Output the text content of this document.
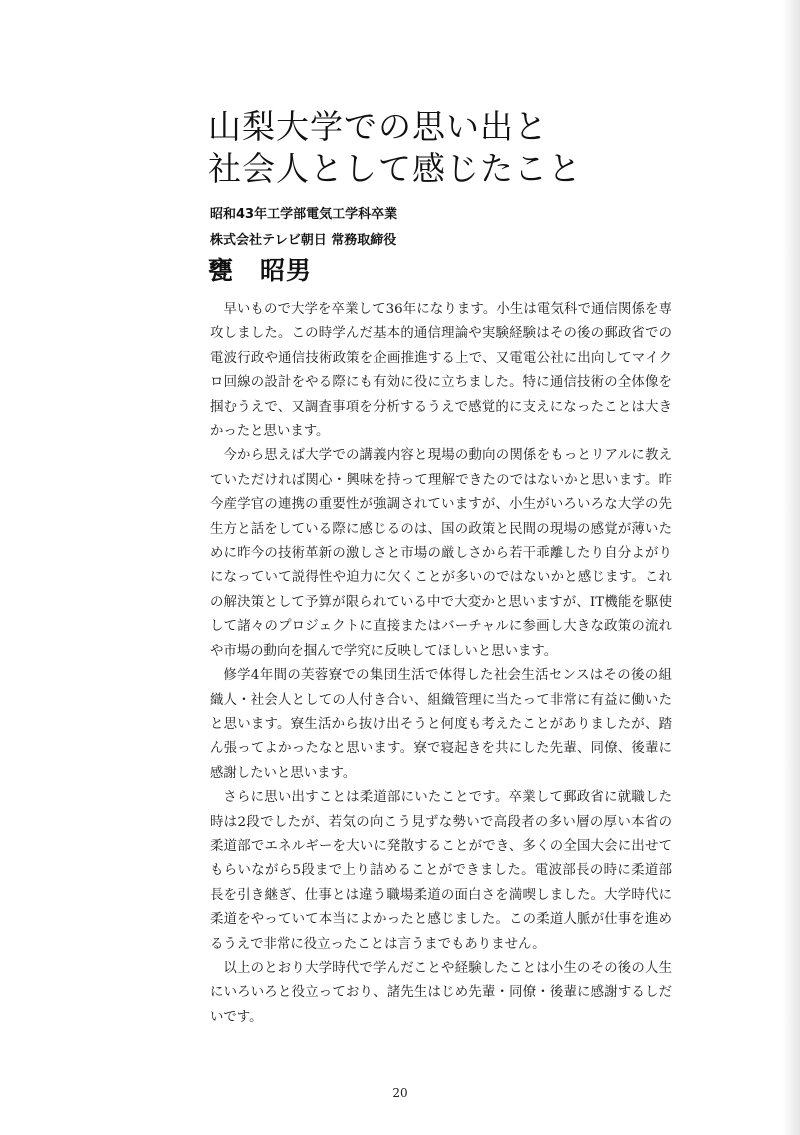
山梨大学での思い出と
社会人として感じたこと
昭和43年工学部電気工学科卒業
株式会社テレビ朝日 常務取締役
甕　昭男

早いもので大学を卒業して36年になります。小生は電気科で通信関係を専攻しました。この時学んだ基本的通信理論や実験経験はその後の郵政省での電波行政や通信技術政策を企画推進する上で、又電電公社に出向してマイクロ回線の設計をやる際にも有効に役に立ちました。特に通信技術の全体像を掴むうえで、又調査事項を分析するうえで感覚的に支えになったことは大きかったと思います。

今から思えば大学での講義内容と現場の動向の関係をもっとリアルに教えていただければ関心・興味を持って理解できたのではないかと思います。昨今産学官の連携の重要性が強調されていますが、小生がいろいろな大学の先生方と話をしている際に感じるのは、国の政策と民間の現場の感覚が薄いために昨今の技術革新の激しさと市場の厳しさから若干乖離したり自分よがりになっていて説得性や迫力に欠くことが多いのではないかと感じます。これの解決策として予算が限られている中で大変かと思いますが、IT機能を駆使して諸々のプロジェクトに直接またはバーチャルに参画し大きな政策の流れや市場の動向を掴んで学究に反映してほしいと思います。

修学4年間の芙蓉寮での集団生活で体得した社会生活センスはその後の組織人・社会人としての人付き合い、組織管理に当たって非常に有益に働いたと思います。寮生活から抜け出そうと何度も考えたことがありましたが、踏ん張ってよかったなと思います。寮で寝起きを共にした先輩、同僚、後輩に感謝したいと思います。

さらに思い出すことは柔道部にいたことです。卒業して郵政省に就職した時は2段でしたが、若気の向こう見ずな勢いで高段者の多い層の厚い本省の柔道部でエネルギーを大いに発散することができ、多くの全国大会に出せてもらいながら5段まで上り詰めることができました。電波部長の時に柔道部長を引き継ぎ、仕事とは違う職場柔道の面白さを満喫しました。大学時代に柔道をやっていて本当によかったと感じました。この柔道人脈が仕事を進めるうえで非常に役立ったことは言うまでもありません。

以上のとおり大学時代で学んだことや経験したことは小生のその後の人生にいろいろと役立っており、諸先生はじめ先輩・同僚・後輩に感謝するしだいです。

20
